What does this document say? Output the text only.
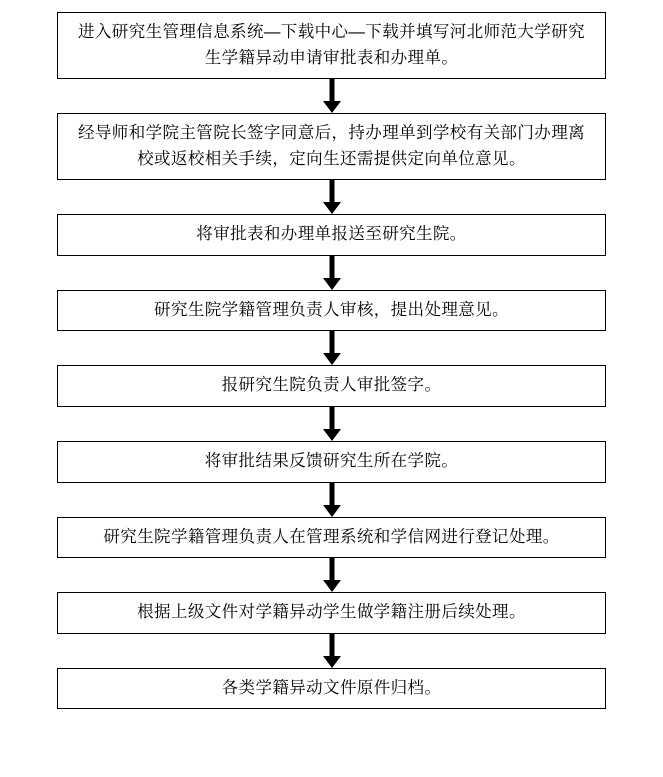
进入研究生管理信息系统—下载中心—下载并填写河北师范大学研究生学籍异动申请审批表和办理单。
经导师和学院主管院长签字同意后，持办理单到学校有关部门办理离校或返校相关手续，定向生还需提供定向单位意见。
将审批表和办理单报送至研究生院。
研究生院学籍管理负责人审核，提出处理意见。
报研究生院负责人审批签字。
将审批结果反馈研究生所在学院。
研究生院学籍管理负责人在管理系统和学信网进行登记处理。
根据上级文件对学籍异动学生做学籍注册后续处理。
各类学籍异动文件原件归档。
